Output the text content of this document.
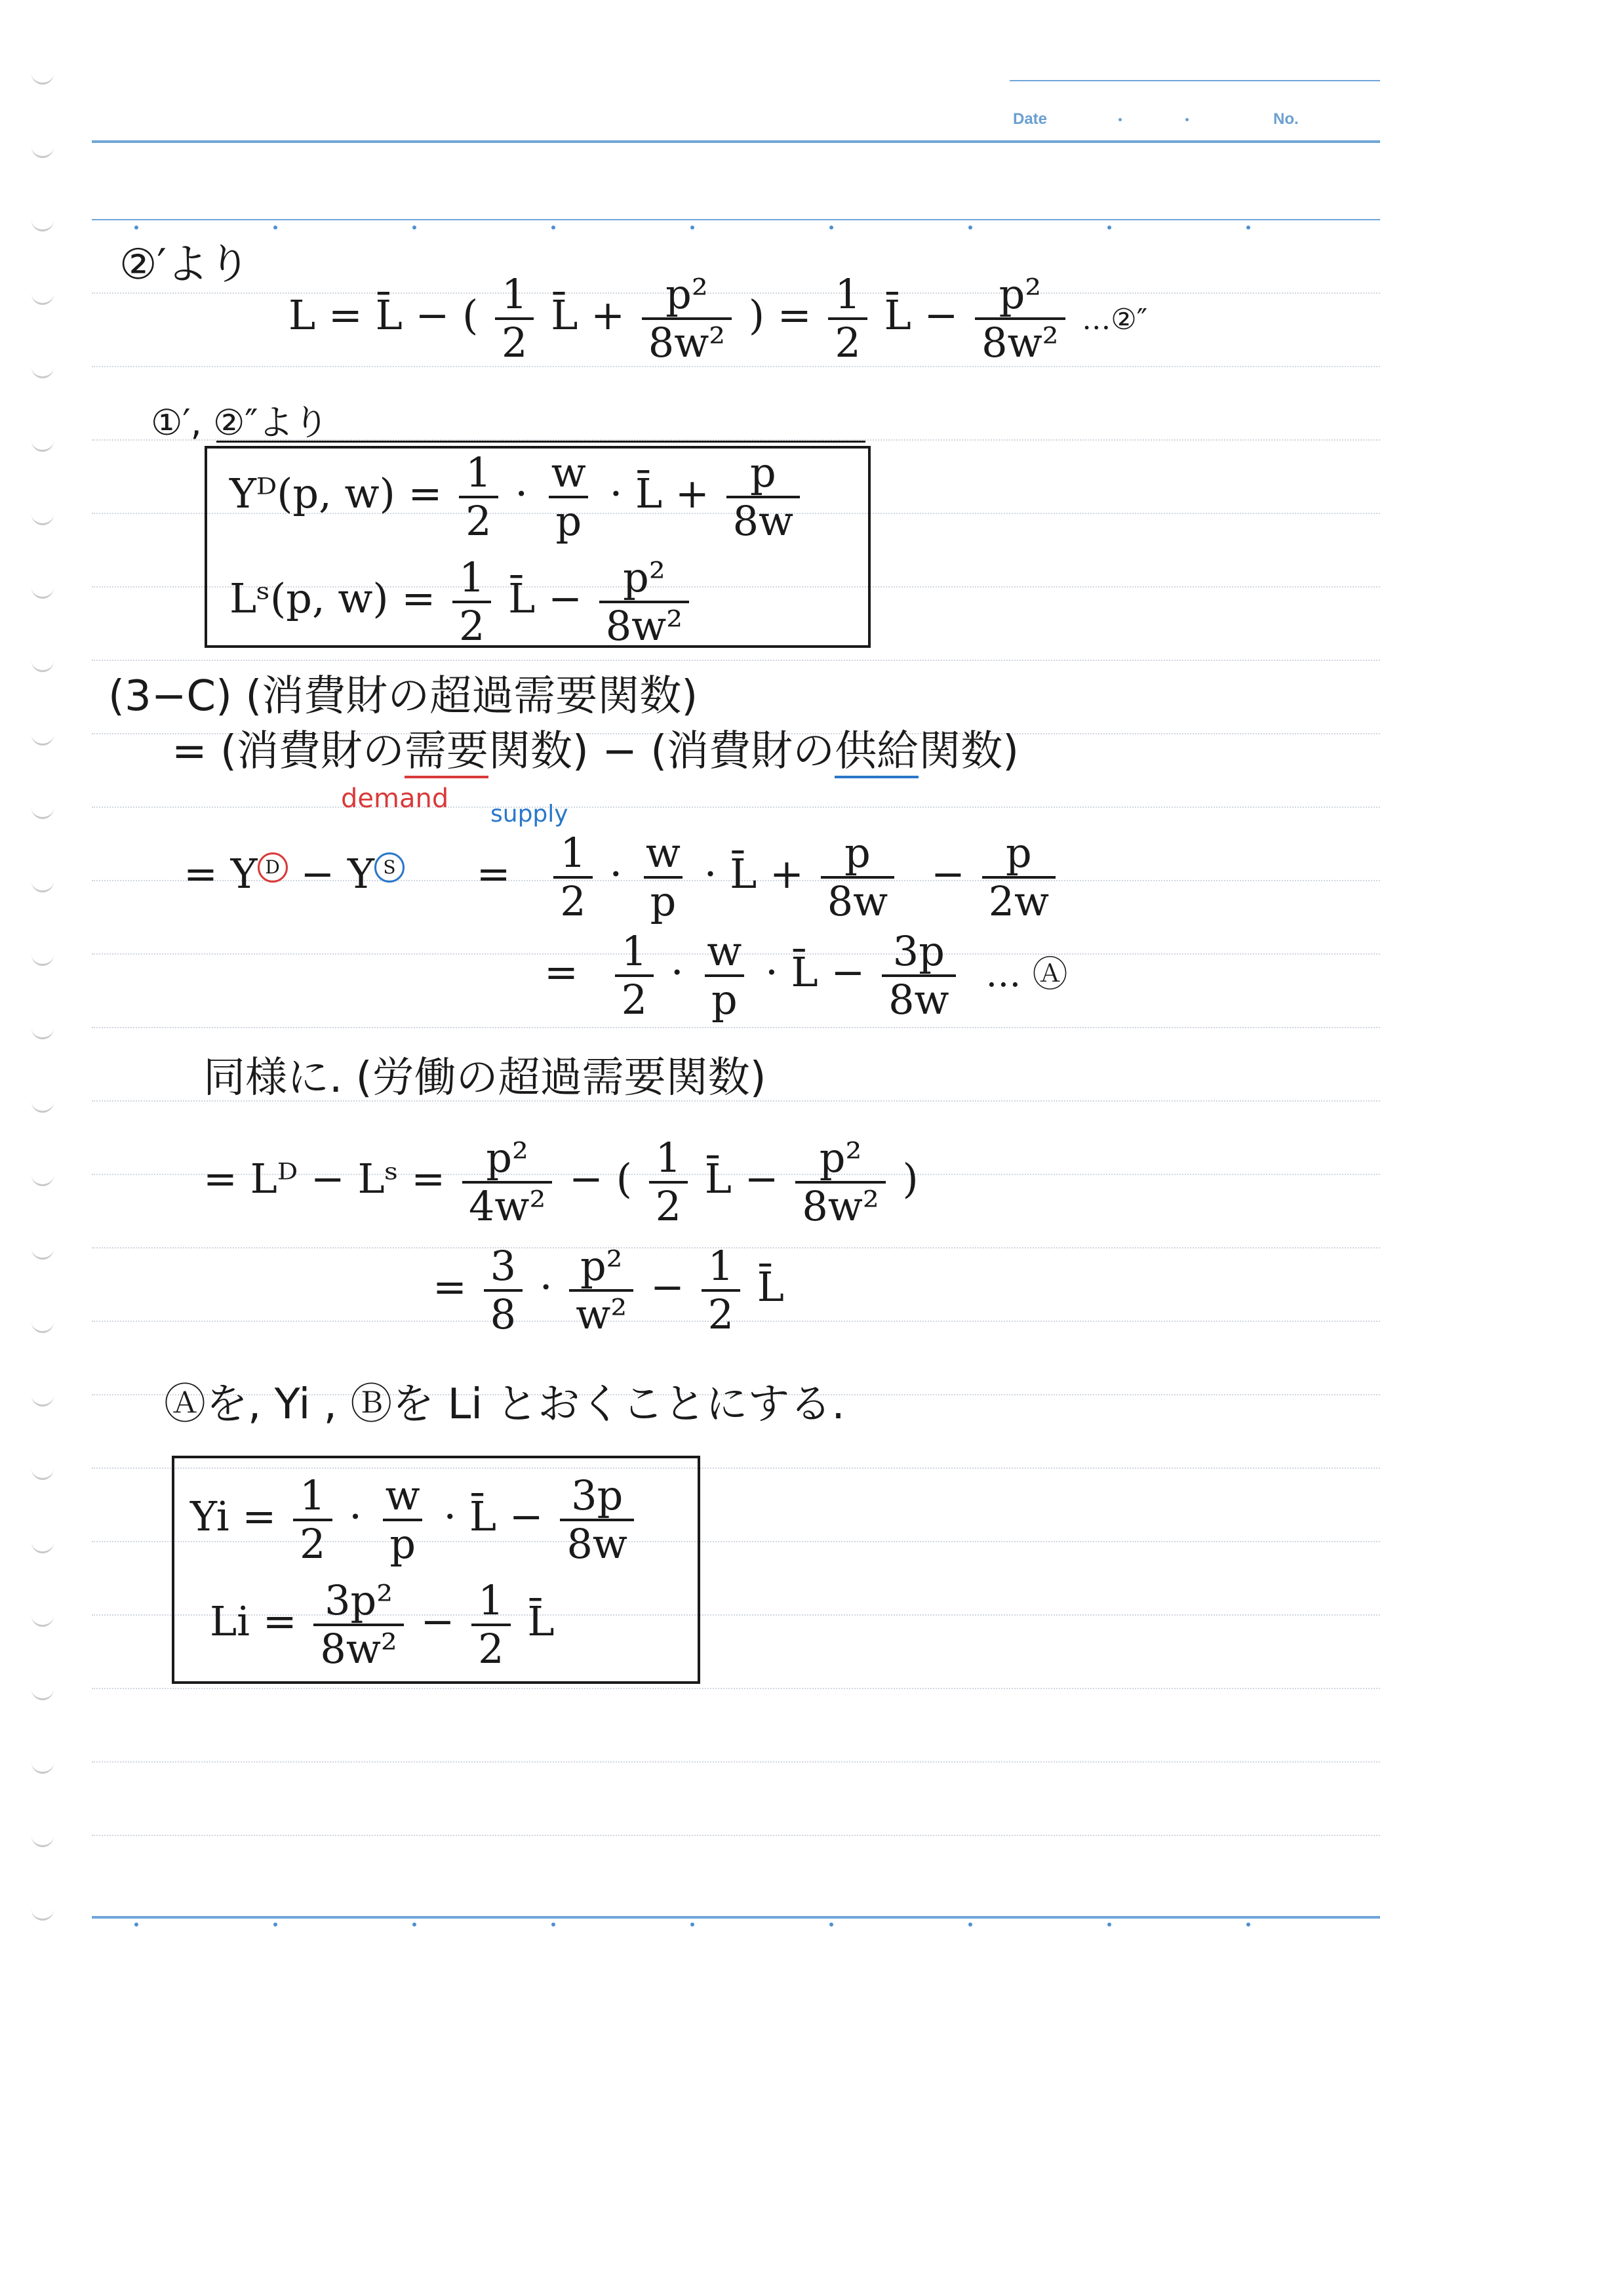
Date	No.
②′より
L = L̄ − ( $\frac{1}{2}$ L̄ + $\frac{\text{p²}}{\text{8w²}}$ ) = $\frac{1}{2}$ L̄ − $\frac{\text{p²}}{\text{8w²}}$ …②″
①′, ②″より
Yᴰ(p, $w) = \frac{1}{2} \cdot \frac{w}{p}$ · L̄ + $\frac{p}{8w}$
Lˢ(p, $w) = \frac{1}{2}$ L̄ − $\frac{\text{p²}}{\text{8w²}}$
(3−C) (消費財の超過需要関数)
= (消費財の需要関数) − (消費財の供給関数)
demand
supply
= Y D − Y $S = \frac{1}{2} \cdot \frac{w}{p}$ · L̄ + $\frac{p}{8w} - \frac{p}{2w}$
= $\frac{1}{2} \cdot \frac{w}{p}$ · L̄ − $\frac{3p}{8w}$ … Ⓐ
同様に. (労働の超過需要関数)
= Lᴰ − Lˢ = $\frac{\text{p²}}{\text{4w²}}$ − ( $\frac{1}{2}$ L̄ − $\frac{\text{p²}}{\text{8w²}}$ )
= $\frac{3}{8} \cdot \frac{\text{p²}}{\text{w²}} - \frac{1}{2}$ L̄
Ⓐを, Yi , Ⓑを Li とおくことにする.
$Yi = \frac{1}{2} \cdot \frac{w}{p}$ · L̄ − $\frac{3p}{8w}$
$Li = \frac{\text{3p²}}{\text{8w²}} - \frac{1}{2}$ L̄
